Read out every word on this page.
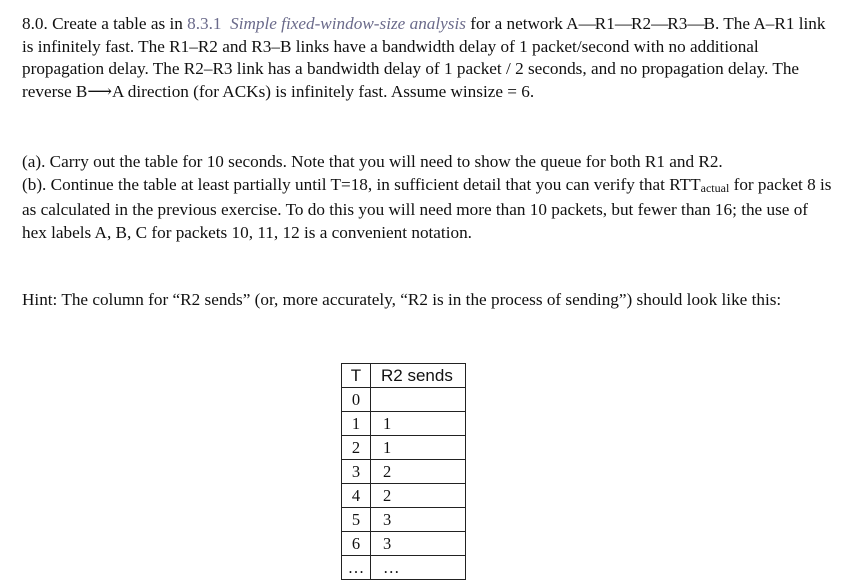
8.0. Create a table as in 8.3.1 Simple fixed-window-size analysis for a network A—R1—R2—R3—B. The A–R1 link is infinitely fast. The R1–R2 and R3–B links have a bandwidth delay of 1 packet/second with no additional propagation delay. The R2–R3 link has a bandwidth delay of 1 packet / 2 seconds, and no propagation delay. The reverse B⟶A direction (for ACKs) is infinitely fast. Assume winsize = 6.
(a). Carry out the table for 10 seconds. Note that you will need to show the queue for both R1 and R2.
(b). Continue the table at least partially until T=18, in sufficient detail that you can verify that RTTactual for packet 8 is as calculated in the previous exercise. To do this you will need more than 10 packets, but fewer than 16; the use of hex labels A, B, C for packets 10, 11, 12 is a convenient notation.
Hint: The column for “R2 sends” (or, more accurately, “R2 is in the process of sending”) should look like this:
T	R2 sends
0	
1	1
2	1
3	2
4	2
5	3
6	3
…	…
